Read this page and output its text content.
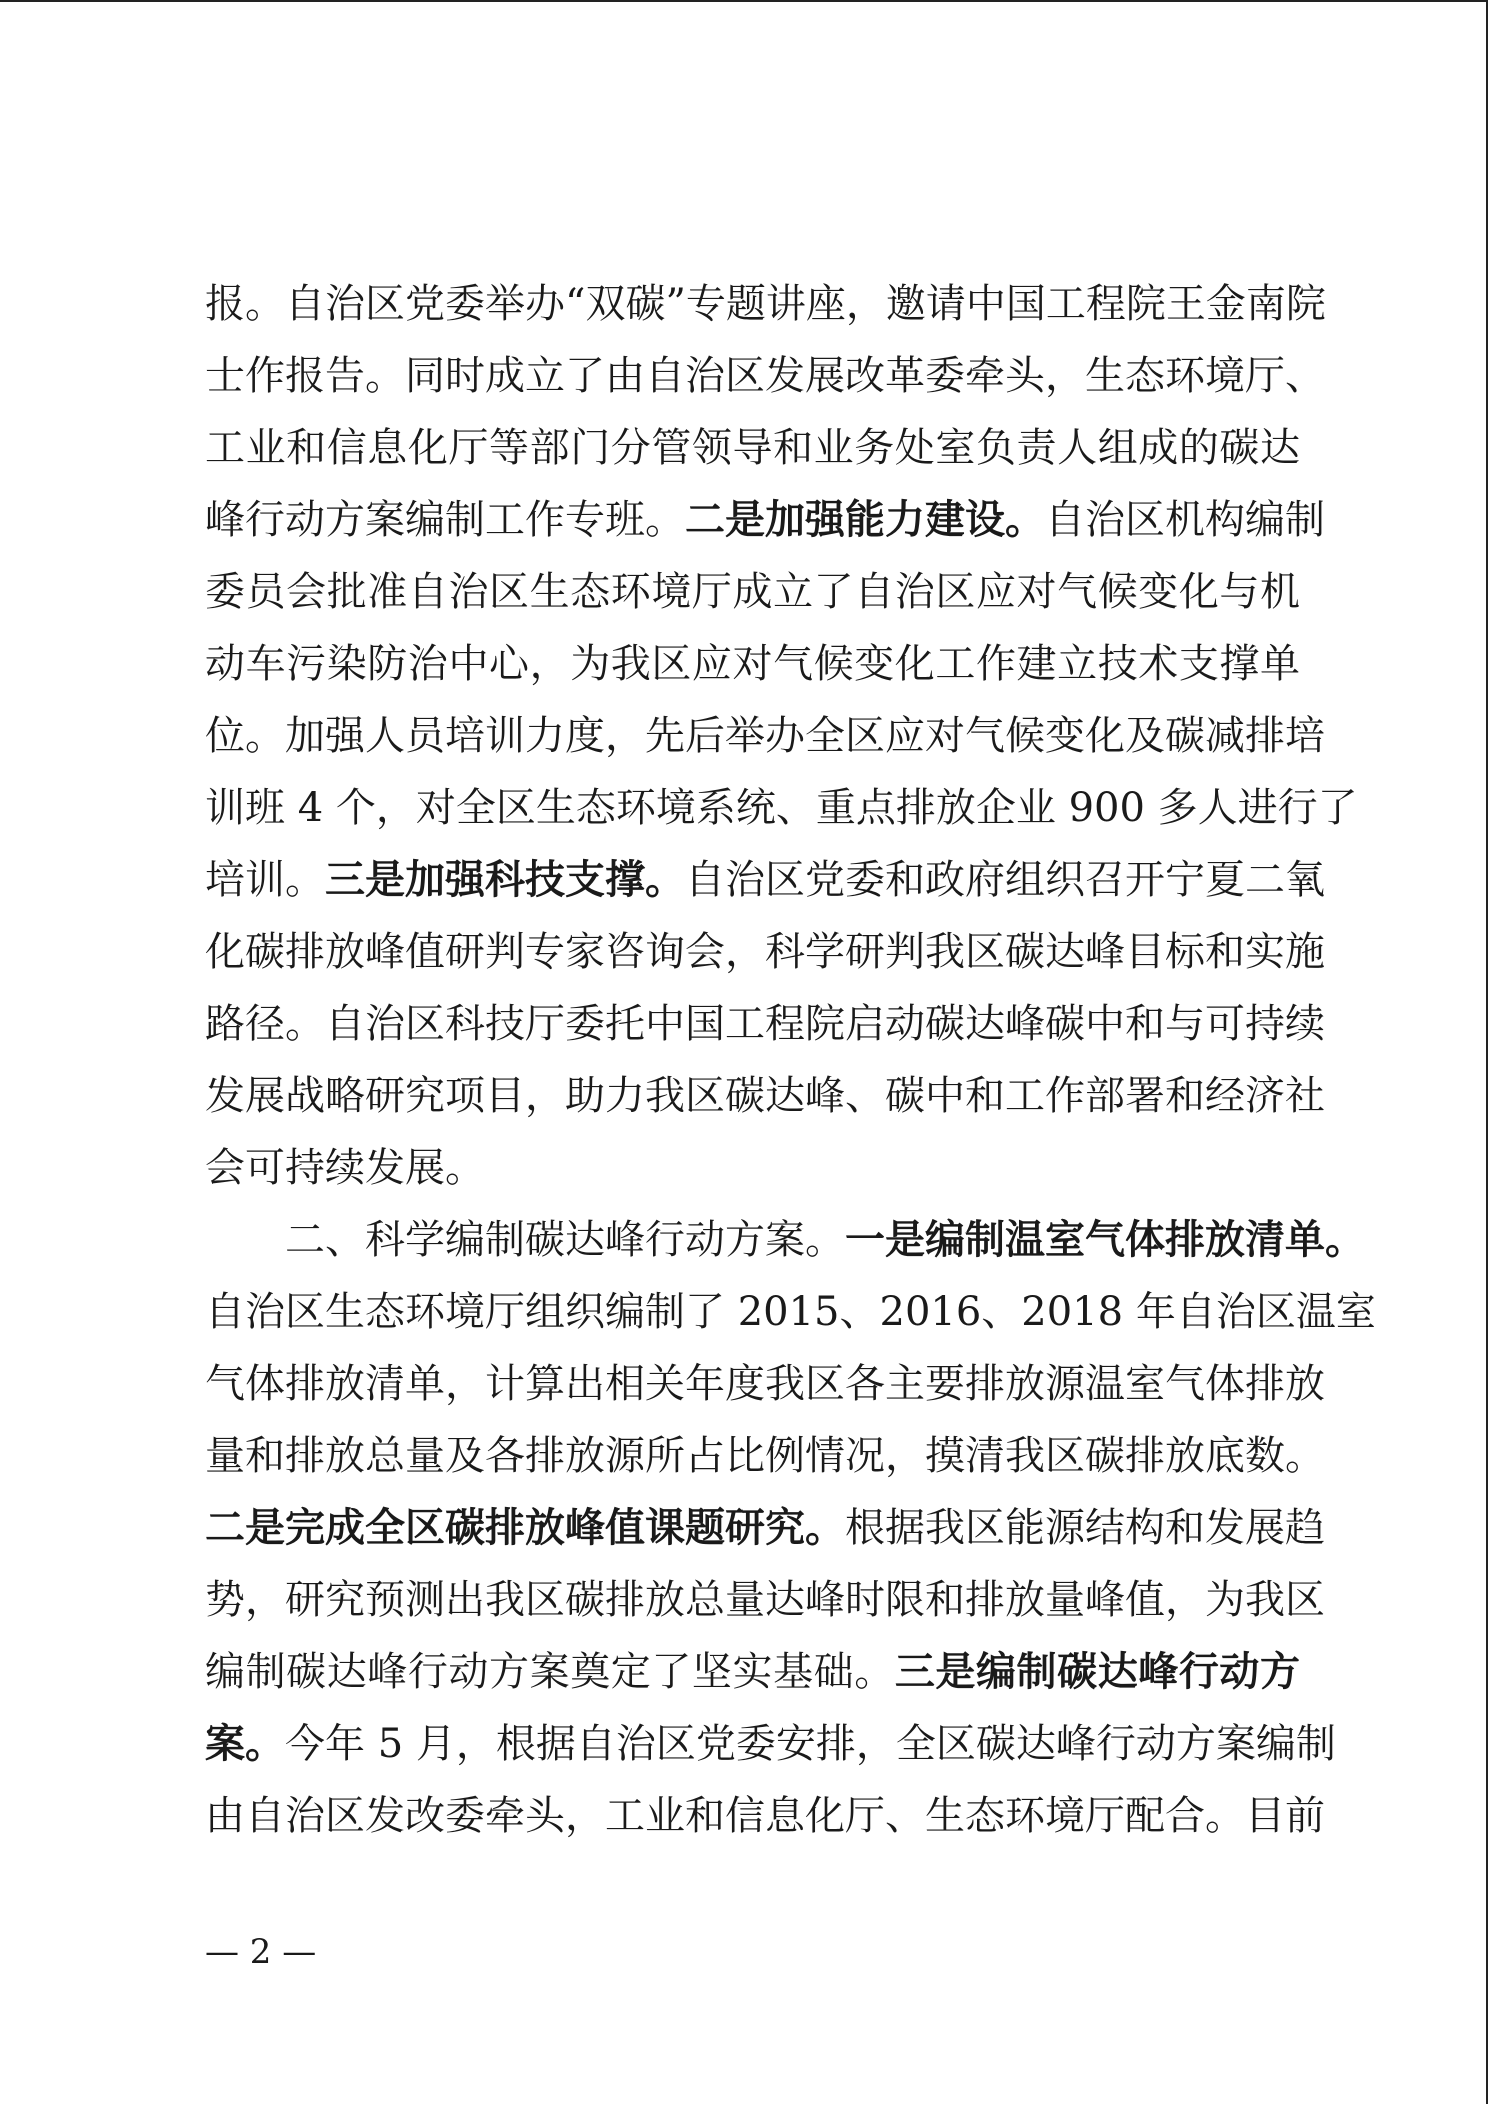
报。自治区党委举办“双碳”专题讲座，邀请中国工程院王金南院
士作报告。同时成立了由自治区发展改革委牵头，生态环境厅、
工业和信息化厅等部门分管领导和业务处室负责人组成的碳达
峰行动方案编制工作专班。二是加强能力建设。自治区机构编制
委员会批准自治区生态环境厅成立了自治区应对气候变化与机
动车污染防治中心，为我区应对气候变化工作建立技术支撑单
位。加强人员培训力度，先后举办全区应对气候变化及碳减排培
训班 4 个，对全区生态环境系统、重点排放企业 900 多人进行了
培训。三是加强科技支撑。自治区党委和政府组织召开宁夏二氧
化碳排放峰值研判专家咨询会，科学研判我区碳达峰目标和实施
路径。自治区科技厅委托中国工程院启动碳达峰碳中和与可持续
发展战略研究项目，助力我区碳达峰、碳中和工作部署和经济社
会可持续发展。
二、科学编制碳达峰行动方案。一是编制温室气体排放清单。
自治区生态环境厅组织编制了 2015、2016、2018 年自治区温室
气体排放清单，计算出相关年度我区各主要排放源温室气体排放
量和排放总量及各排放源所占比例情况，摸清我区碳排放底数。
二是完成全区碳排放峰值课题研究。根据我区能源结构和发展趋
势，研究预测出我区碳排放总量达峰时限和排放量峰值，为我区
编制碳达峰行动方案奠定了坚实基础。三是编制碳达峰行动方
案。今年 5 月，根据自治区党委安排，全区碳达峰行动方案编制
由自治区发改委牵头，工业和信息化厅、生态环境厅配合。目前
— 2 —
